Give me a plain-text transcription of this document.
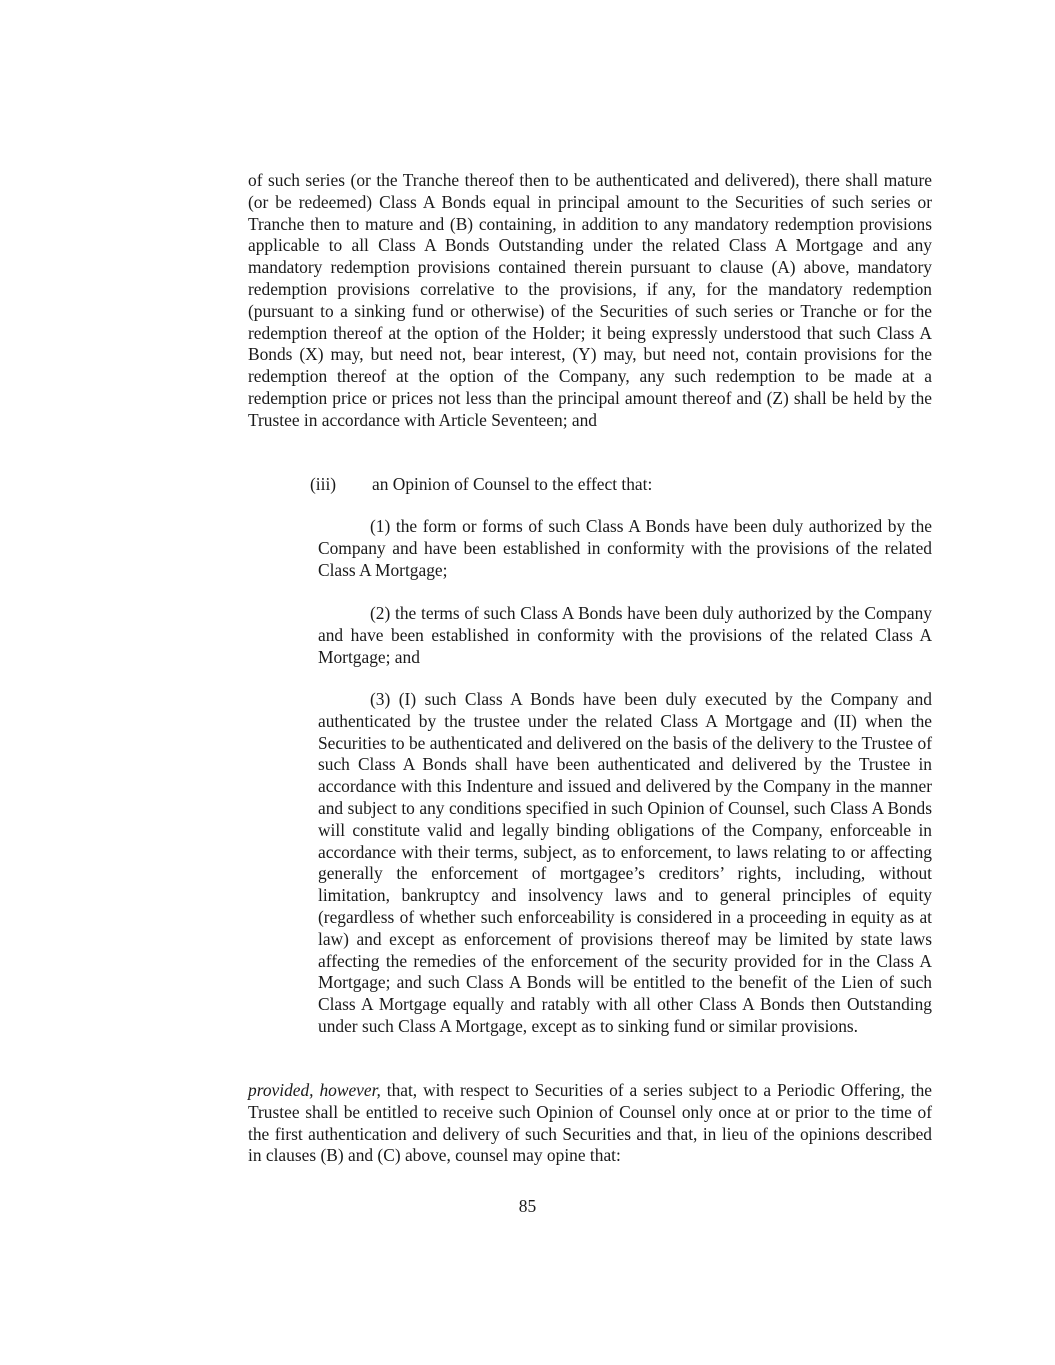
of such series (or the Tranche thereof then to be authenticated and delivered), there shall mature (or be redeemed) Class A Bonds equal in principal amount to the Securities of such series or Tranche then to mature and (B) containing, in addition to any mandatory redemption provisions applicable to all Class A Bonds Outstanding under the related Class A Mortgage and any mandatory redemption provisions contained therein pursuant to clause (A) above, mandatory redemption provisions correlative to the provisions, if any, for the mandatory redemption (pursuant to a sinking fund or otherwise) of the Securities of such series or Tranche or for the redemption thereof at the option of the Holder; it being expressly understood that such Class A Bonds (X) may, but need not, bear interest, (Y) may, but need not, contain provisions for the redemption thereof at the option of the Company, any such redemption to be made at a redemption price or prices not less than the principal amount thereof and (Z) shall be held by the Trustee in accordance with Article Seventeen; and

(iii) an Opinion of Counsel to the effect that:

(1) the form or forms of such Class A Bonds have been duly authorized by the Company and have been established in conformity with the provisions of the related Class A Mortgage;

(2) the terms of such Class A Bonds have been duly authorized by the Company and have been established in conformity with the provisions of the related Class A Mortgage; and

(3) (I) such Class A Bonds have been duly executed by the Company and authenticated by the trustee under the related Class A Mortgage and (II) when the Securities to be authenticated and delivered on the basis of the delivery to the Trustee of such Class A Bonds shall have been authenticated and delivered by the Trustee in accordance with this Indenture and issued and delivered by the Company in the manner and subject to any conditions specified in such Opinion of Counsel, such Class A Bonds will constitute valid and legally binding obligations of the Company, enforceable in accordance with their terms, subject, as to enforcement, to laws relating to or affecting generally the enforcement of mortgagee’s creditors’ rights, including, without limitation, bankruptcy and insolvency laws and to general principles of equity (regardless of whether such enforceability is considered in a proceeding in equity as at law) and except as enforcement of provisions thereof may be limited by state laws affecting the remedies of the enforcement of the security provided for in the Class A Mortgage; and such Class A Bonds will be entitled to the benefit of the Lien of such Class A Mortgage equally and ratably with all other Class A Bonds then Outstanding under such Class A Mortgage, except as to sinking fund or similar provisions.

provided, however, that, with respect to Securities of a series subject to a Periodic Offering, the Trustee shall be entitled to receive such Opinion of Counsel only once at or prior to the time of the first authentication and delivery of such Securities and that, in lieu of the opinions described in clauses (B) and (C) above, counsel may opine that:

85
